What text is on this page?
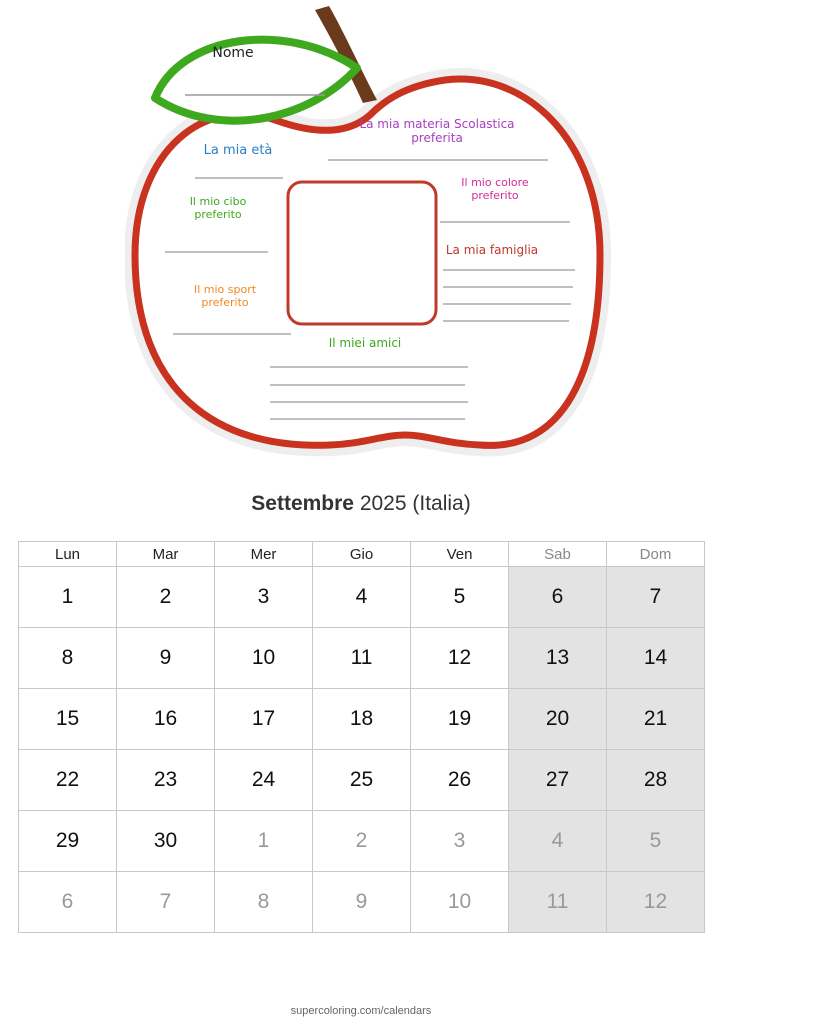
Nome
La mia età
La mia materia Scolastica
preferita
Il mio cibo
preferito
Il mio colore
preferito
La mia famiglia
Il mio sport
preferito
Il miei amici
Settembre 2025 (Italia)
Lun	Mar	Mer	Gio	Ven	Sab	Dom
1	2	3	4	5	6	7
8	9	10	11	12	13	14
15	16	17	18	19	20	21
22	23	24	25	26	27	28
29	30	1	2	3	4	5
6	7	8	9	10	11	12
supercoloring.com/calendars
